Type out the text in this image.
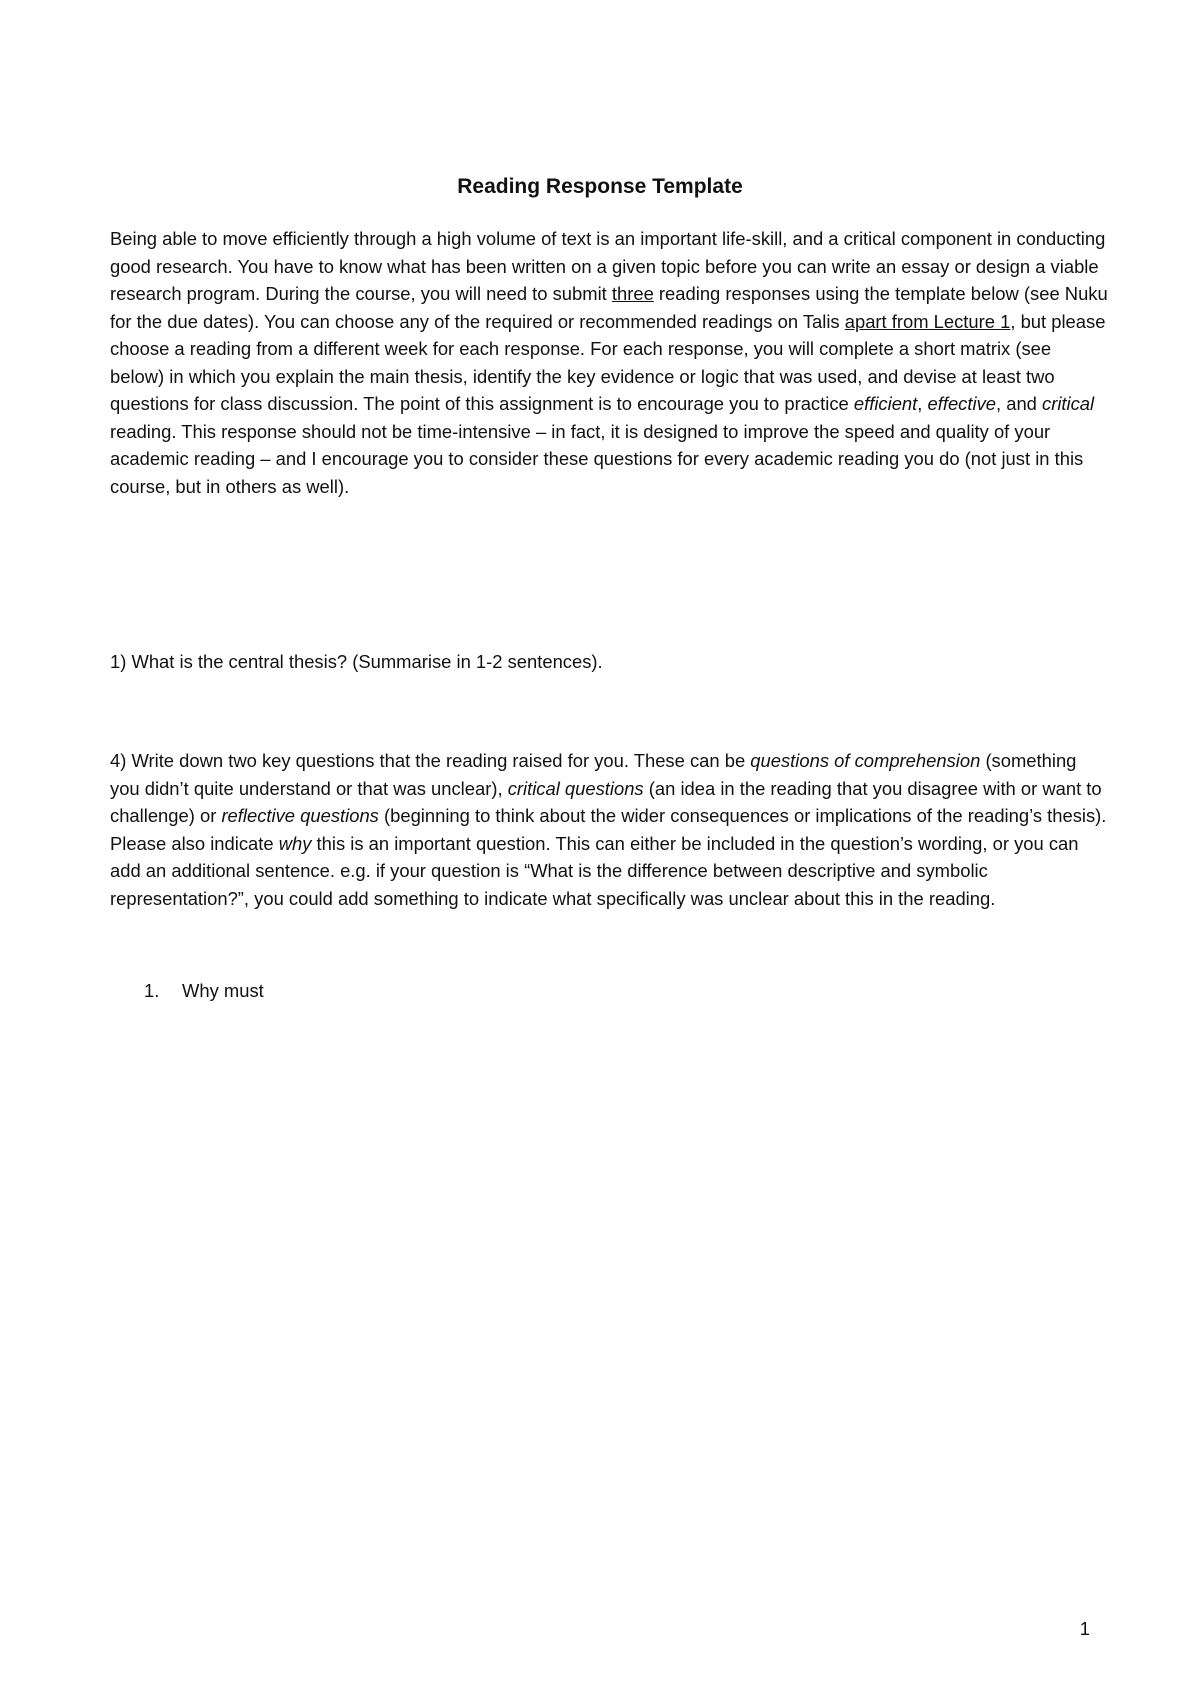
Reading Response Template
Being able to move efficiently through a high volume of text is an important life-skill, and a critical component in conducting good research. You have to know what has been written on a given topic before you can write an essay or design a viable research program. During the course, you will need to submit three reading responses using the template below (see Nuku for the due dates). You can choose any of the required or recommended readings on Talis apart from Lecture 1, but please choose a reading from a different week for each response. For each response, you will complete a short matrix (see below) in which you explain the main thesis, identify the key evidence or logic that was used, and devise at least two questions for class discussion. The point of this assignment is to encourage you to practice efficient, effective, and critical reading. This response should not be time-intensive – in fact, it is designed to improve the speed and quality of your academic reading – and I encourage you to consider these questions for every academic reading you do (not just in this course, but in others as well).
1) What is the central thesis? (Summarise in 1-2 sentences).
4) Write down two key questions that the reading raised for you. These can be questions of comprehension (something you didn’t quite understand or that was unclear), critical questions (an idea in the reading that you disagree with or want to challenge) or reflective questions (beginning to think about the wider consequences or implications of the reading’s thesis). Please also indicate why this is an important question. This can either be included in the question’s wording, or you can add an additional sentence. e.g. if your question is “What is the difference between descriptive and symbolic representation?”, you could add something to indicate what specifically was unclear about this in the reading.
1. Why must
1
